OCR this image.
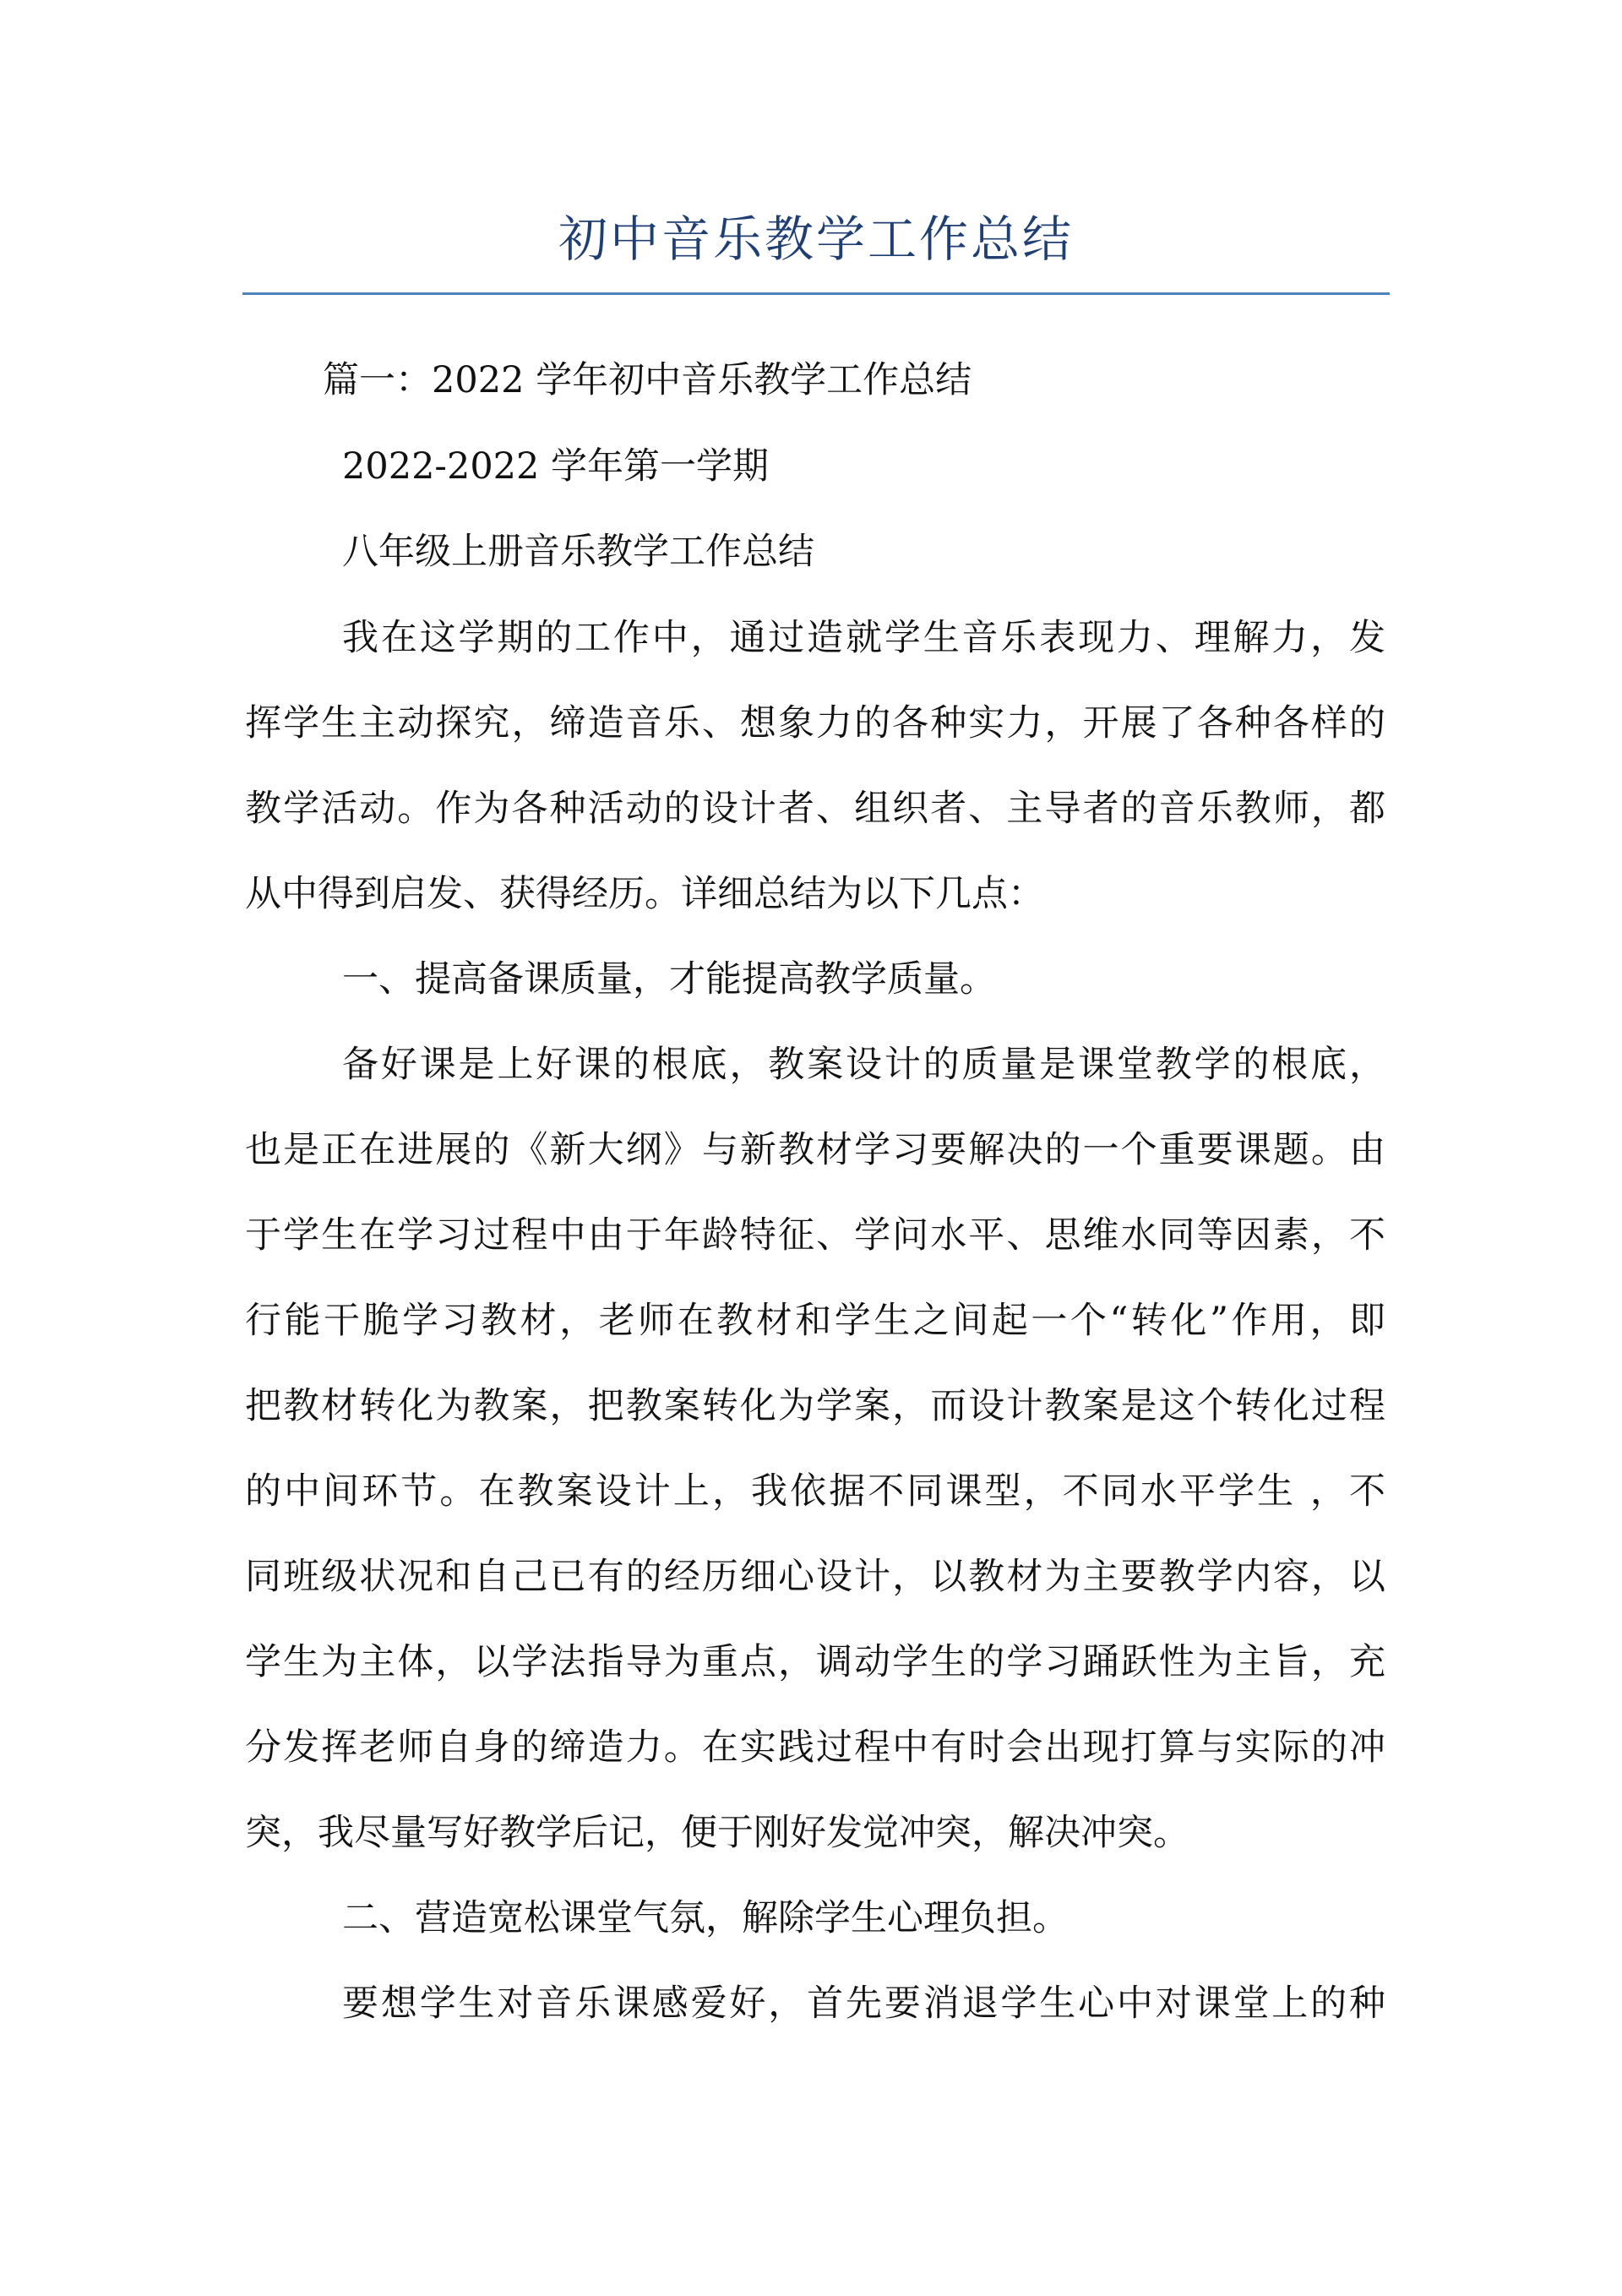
初中音乐教学工作总结
篇一：2022 学年初中音乐教学工作总结
2022-2022 学年第一学期
八年级上册音乐教学工作总结
我在这学期的工作中，通过造就学生音乐表现力、理解力，发
挥学生主动探究，缔造音乐、想象力的各种实力，开展了各种各样的
教学活动。作为各种活动的设计者、组织者、主导者的音乐教师，都
从中得到启发、获得经历。详细总结为以下几点：
一、提高备课质量，才能提高教学质量。
备好课是上好课的根底，教案设计的质量是课堂教学的根底，
也是正在进展的《新大纲》与新教材学习要解决的一个重要课题。由
于学生在学习过程中由于年龄特征、学问水平、思维水同等因素，不
行能干脆学习教材，老师在教材和学生之间起一个“转化”作用，即
把教材转化为教案，把教案转化为学案，而设计教案是这个转化过程
的中间环节。在教案设计上，我依据不同课型，不同水平学生 ，不
同班级状况和自己已有的经历细心设计，以教材为主要教学内容，以
学生为主体，以学法指导为重点，调动学生的学习踊跃性为主旨，充
分发挥老师自身的缔造力。在实践过程中有时会出现打算与实际的冲
突，我尽量写好教学后记，便于刚好发觉冲突，解决冲突。
二、营造宽松课堂气氛，解除学生心理负担。
要想学生对音乐课感爱好，首先要消退学生心中对课堂上的种
